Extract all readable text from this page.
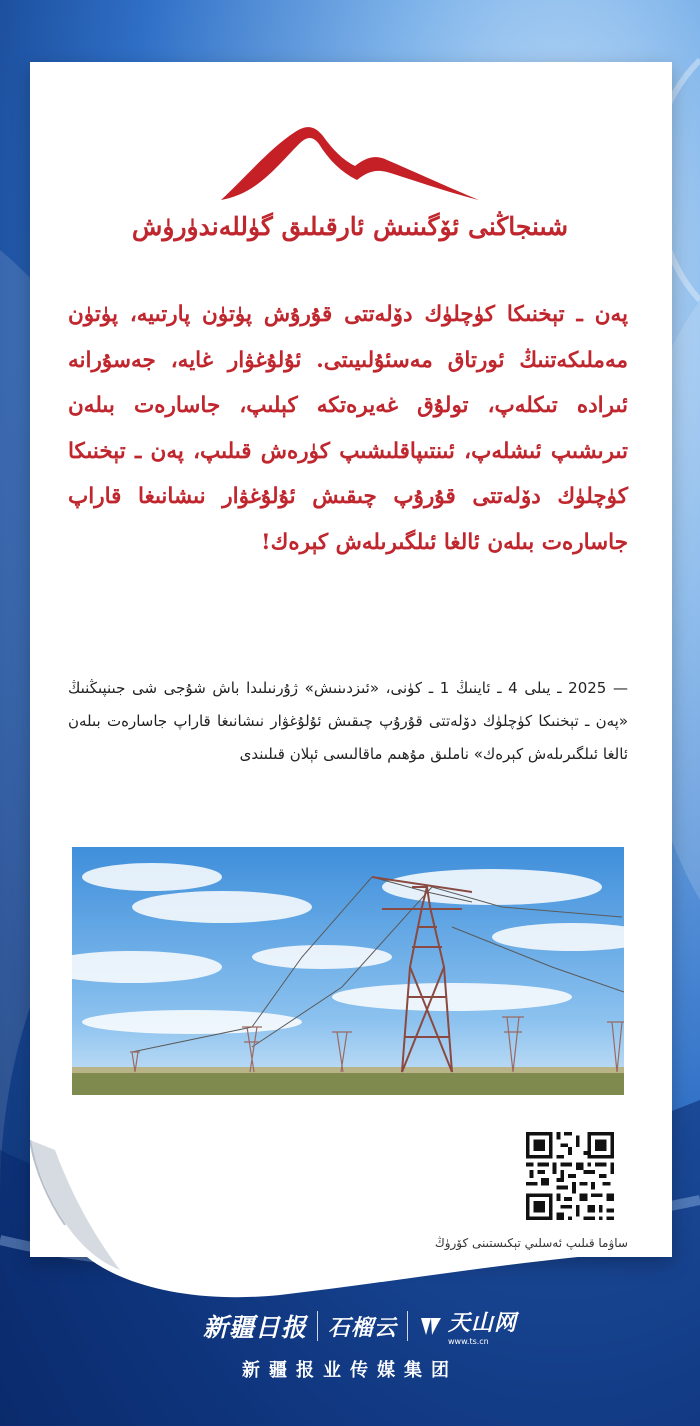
شىنجاڭنى ئۆگىنىش ئارقىلىق گۈللەندۈرۈش
پەن ـ تېخنىكا كۈچلۈك دۆلەتتى قۇرۇش پۈتۈن پارتىيە، پۈتۈن مەملىكەتنىڭ ئورتاق مەسئۇلىيىتى. ئۇلۇغۋار غايە، جەسۇرانە ئىرادە تىكلەپ، تولۇق غەيرەتكە كېلىپ، جاسارەت بىلەن تىرىشىپ ئىشلەپ، ئىنتىپاقلىشىپ كۈرەش قىلىپ، پەن ـ تېخنىكا كۈچلۈك دۆلەتتى قۇرۇپ چىقىش ئۇلۇغۋار نىشانىغا قاراپ جاسارەت بىلەن ئالغا ئىلگىرىلەش كېرەك!
— 2025 ـ يىلى 4 ـ ئاينىڭ 1 ـ كۈنى، «ئىزدىنىش» ژۇرنىلىدا باش شۇجى شى جىنپىڭنىڭ «پەن ـ تېخنىكا كۈچلۈك دۆلەتتى قۇرۇپ چىقىش ئۇلۇغۋار نىشانىغا قاراپ جاسارەت بىلەن ئالغا ئىلگىرىلەش كېرەك» ناملىق مۇھىم ماقالىسى ئېلان قىلىندى
ساۋما قىلىپ ئەسلىي تېكىستىنى كۆرۈڭ
新疆日报 石榴云 天山网
www.ts.cn
新疆报业传媒集团
